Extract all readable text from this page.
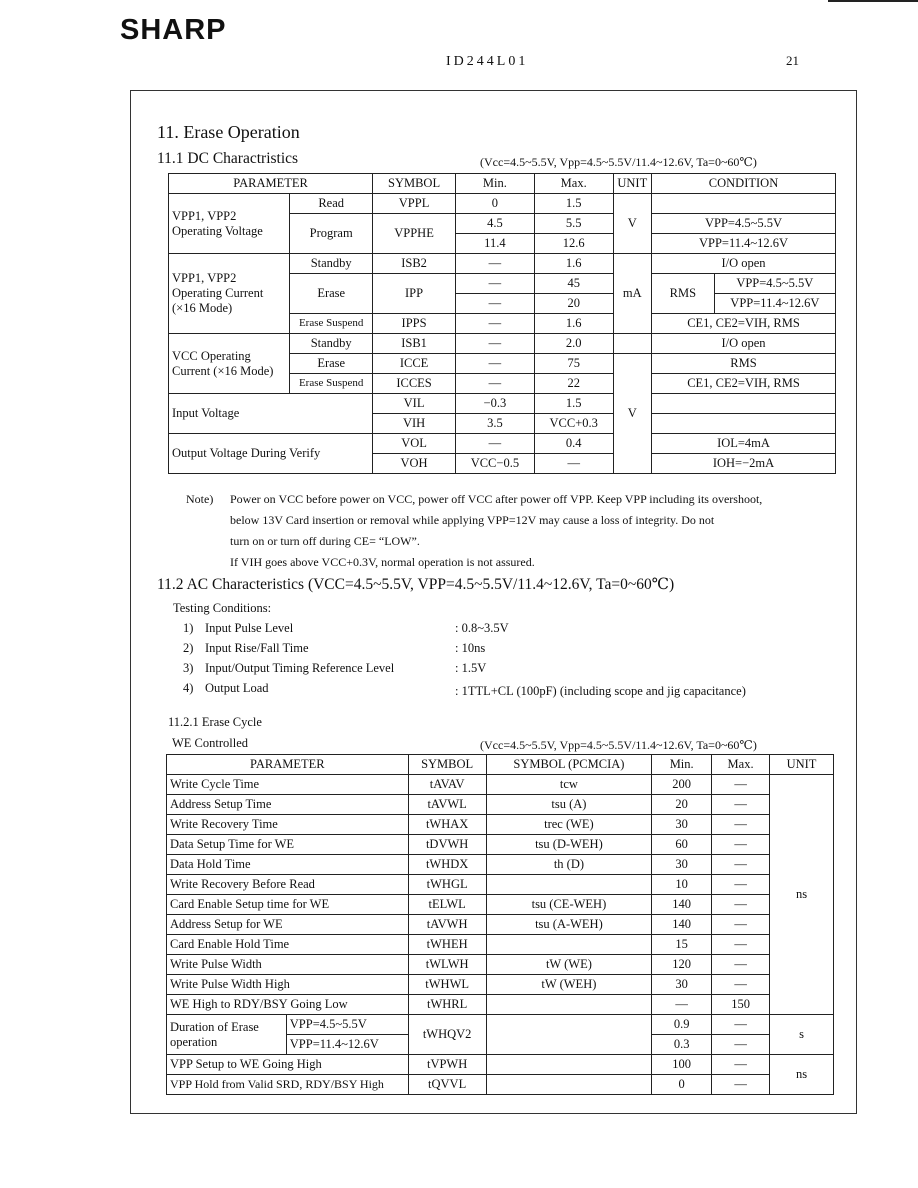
SHARP
ID244L01	21
11. Erase Operation
11.1 DC Charactristics	(Vcc=4.5~5.5V, Vpp=4.5~5.5V/11.4~12.6V, Ta=0~60℃)
PARAMETER		SYMBOL	Min.	Max.	UNIT	CONDITION	
VPP1, VPP2 Operating Voltage	Read	VPPL	0	1.5	V		
	Program	VPPHE	4.5	5.5		VPP=4.5~5.5V	
			11.4	12.6		VPP=11.4~12.6V	
VPP1, VPP2 Operating Current (×16 Mode)	Standby	ISB2	—	1.6	mA	I/O open	
	Erase	IPP	—	45		RMS	VPP=4.5~5.5V
			—	20			VPP=11.4~12.6V
	Erase Suspend	IPPS	—	1.6		CE1, CE2=VIH, RMS	
VCC Operating Current (×16 Mode)	Standby	ISB1	—	2.0		I/O open	
	Erase	ICCE	—	75	V	RMS	
	Erase Suspend	ICCES	—	22		CE1, CE2=VIH, RMS	
Input Voltage		VIL	−0.3	1.5			
		VIH	3.5	VCC+0.3			
Output Voltage During Verify		VOL	—	0.4		IOL=4mA	
		VOH	VCC−0.5	—		IOH=−2mA	
Note) Power on VCC before power on VCC, power off VCC after power off VPP. Keep VPP including its overshoot,
below 13V Card insertion or removal while applying VPP=12V may cause a loss of integrity. Do not
turn on or turn off during CE= “LOW”.
If VIH goes above VCC+0.3V, normal operation is not assured.
11.2 AC Characteristics (VCC=4.5~5.5V, VPP=4.5~5.5V/11.4~12.6V, Ta=0~60℃)
Testing Conditions:
1) Input Pulse Level	: 0.8~3.5V
2) Input Rise/Fall Time	: 10ns
3) Input/Output Timing Reference Level	: 1.5V
4) Output Load	: 1TTL+CL (100pF) (including scope and jig capacitance)
11.2.1 Erase Cycle
WE Controlled	(Vcc=4.5~5.5V, Vpp=4.5~5.5V/11.4~12.6V, Ta=0~60℃)
PARAMETER		SYMBOL	SYMBOL (PCMCIA)	Min.	Max.	UNIT
Write Cycle Time		tAVAV	tcw	200	—	ns
Address Setup Time		tAVWL	tsu (A)	20	—	
Write Recovery Time		tWHAX	trec (WE)	30	—	
Data Setup Time for WE		tDVWH	tsu (D-WEH)	60	—	
Data Hold Time		tWHDX	th (D)	30	—	
Write Recovery Before Read		tWHGL		10	—	
Card Enable Setup time for WE		tELWL	tsu (CE-WEH)	140	—	
Address Setup for WE		tAVWH	tsu (A-WEH)	140	—	
Card Enable Hold Time		tWHEH		15	—	
Write Pulse Width		tWLWH	tW (WE)	120	—	
Write Pulse Width High		tWHWL	tW (WEH)	30	—	
WE High to RDY/BSY Going Low		tWHRL		—	150	
Duration of Erase operation	VPP=4.5~5.5V	tWHQV2		0.9	—	s
	VPP=11.4~12.6V			0.3	—	
VPP Setup to WE Going High		tVPWH		100	—	ns
VPP Hold from Valid SRD, RDY/BSY High		tQVVL		0	—	
